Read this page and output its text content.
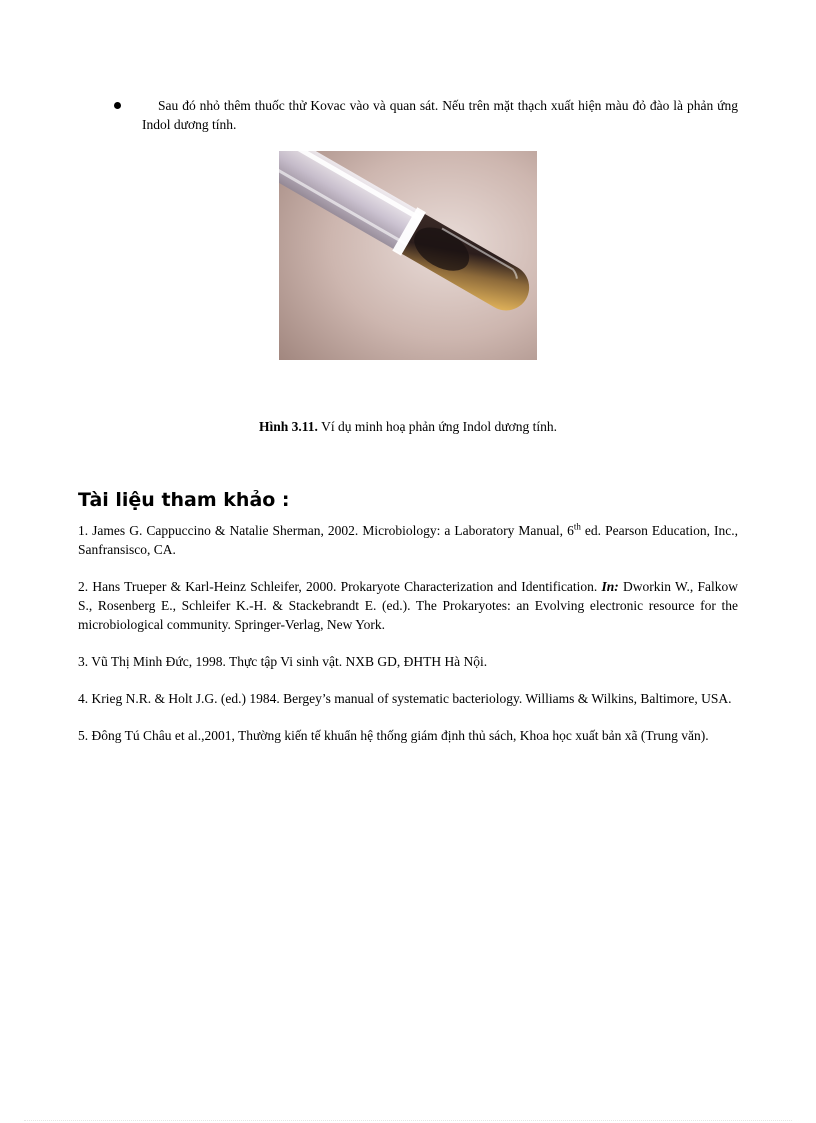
Sau đó nhỏ thêm thuốc thử Kovac vào và quan sát. Nếu trên mặt thạch xuất hiện màu đỏ đào là phản ứng Indol dương tính.
Hình 3.11. Ví dụ minh hoạ phản ứng Indol dương tính.
Tài liệu tham khảo :

1. James G. Cappuccino & Natalie Sherman, 2002. Microbiology: a Laboratory Manual, 6th ed. Pearson Education, Inc., Sanfransisco, CA.

2. Hans Trueper & Karl-Heinz Schleifer, 2000. Prokaryote Characterization and Identification. In: Dworkin W., Falkow S., Rosenberg E., Schleifer K.-H. & Stackebrandt E. (ed.). The Prokaryotes: an Evolving electronic resource for the microbiological community. Springer-Verlag, New York.

3. Vũ Thị Minh Đức, 1998. Thực tập Vi sinh vật. NXB GD, ĐHTH Hà Nội.

4. Krieg N.R. & Holt J.G. (ed.) 1984. Bergey’s manual of systematic bacteriology. Williams & Wilkins, Baltimore, USA.

5. Đông Tú Châu et al.,2001, Thường kiến tế khuẩn hệ thống giám định thủ sách, Khoa học xuất bản xã (Trung văn).
